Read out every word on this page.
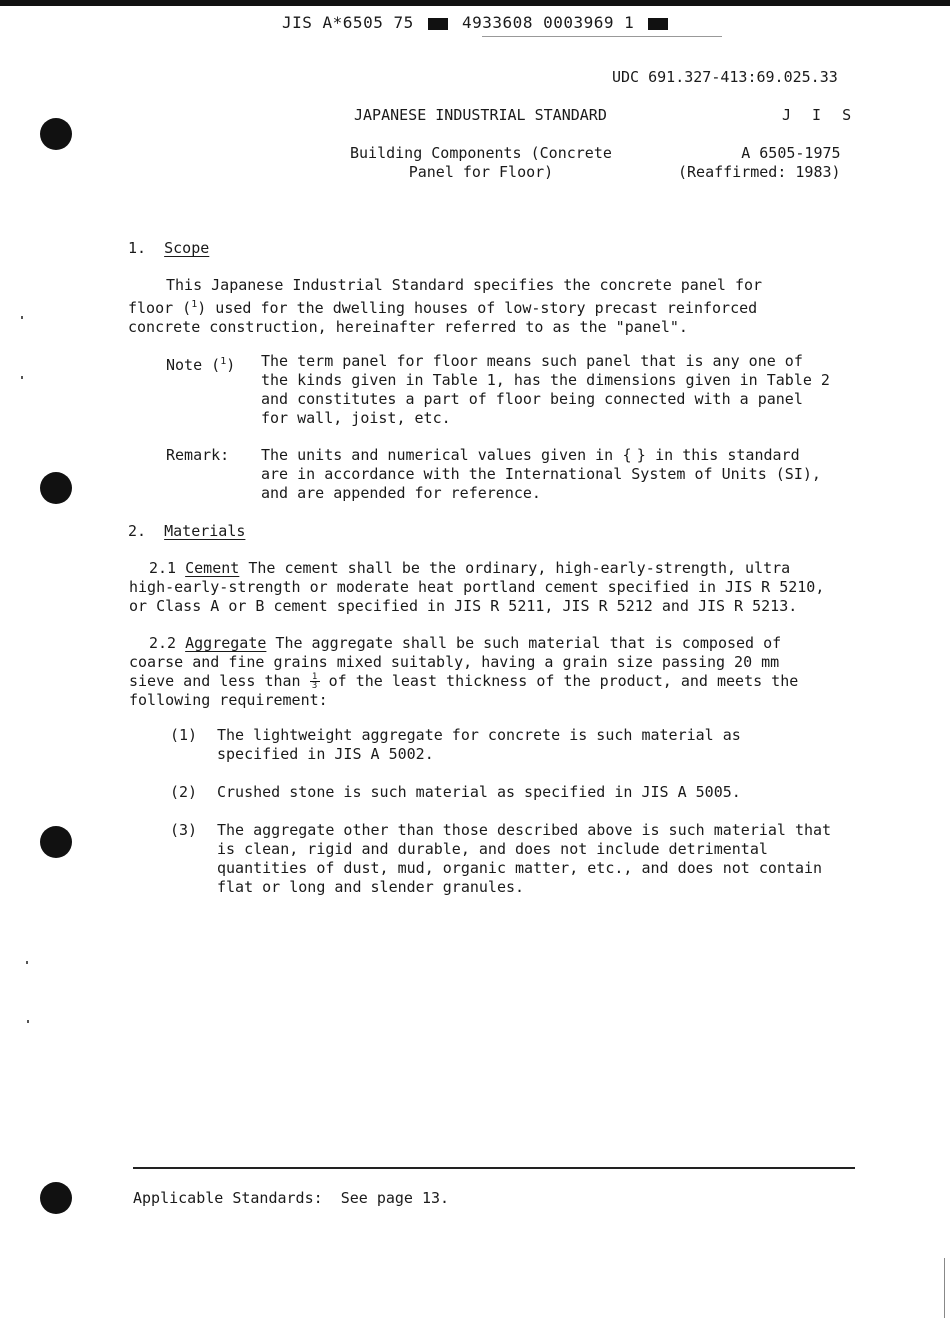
JIS A*6505 75	4933608 0003969 1
UDC 691.327-413:69.025.33
JAPANESE INDUSTRIAL STANDARD	J I S
Building Components (Concrete
Panel for Floor)
A 6505-1975
(Reaffirmed: 1983)
1. Scope
This Japanese Industrial Standard specifies the concrete panel for
floor ($^1$) used for the dwelling houses of low-story precast reinforced
concrete construction, hereinafter referred to as the "panel".
Note ($^1$) The term panel for floor means such panel that is any one of
the kinds given in Table 1, has the dimensions given in Table 2
and constitutes a part of floor being connected with a panel
for wall, joist, etc.
Remark: The units and numerical values given in { } in this standard
are in accordance with the International System of Units (SI),
and are appended for reference.
2. Materials
2.1 Cement The cement shall be the ordinary, high-early-strength, ultra
high-early-strength or moderate heat portland cement specified in JIS R 5210,
or Class A or B cement specified in JIS R 5211, JIS R 5212 and JIS R 5213.
2.2 Aggregate The aggregate shall be such material that is composed of
coarse and fine grains mixed suitably, having a grain size passing 20 mm
sieve and less than $\frac{1}{3}$ of the least thickness of the product, and meets the
following requirement:
(1) The lightweight aggregate for concrete is such material as
specified in JIS A 5002.
(2) Crushed stone is such material as specified in JIS A 5005.
(3) The aggregate other than those described above is such material that
is clean, rigid and durable, and does not include detrimental
quantities of dust, mud, organic matter, etc., and does not contain
flat or long and slender granules.
Applicable Standards: See page 13.
